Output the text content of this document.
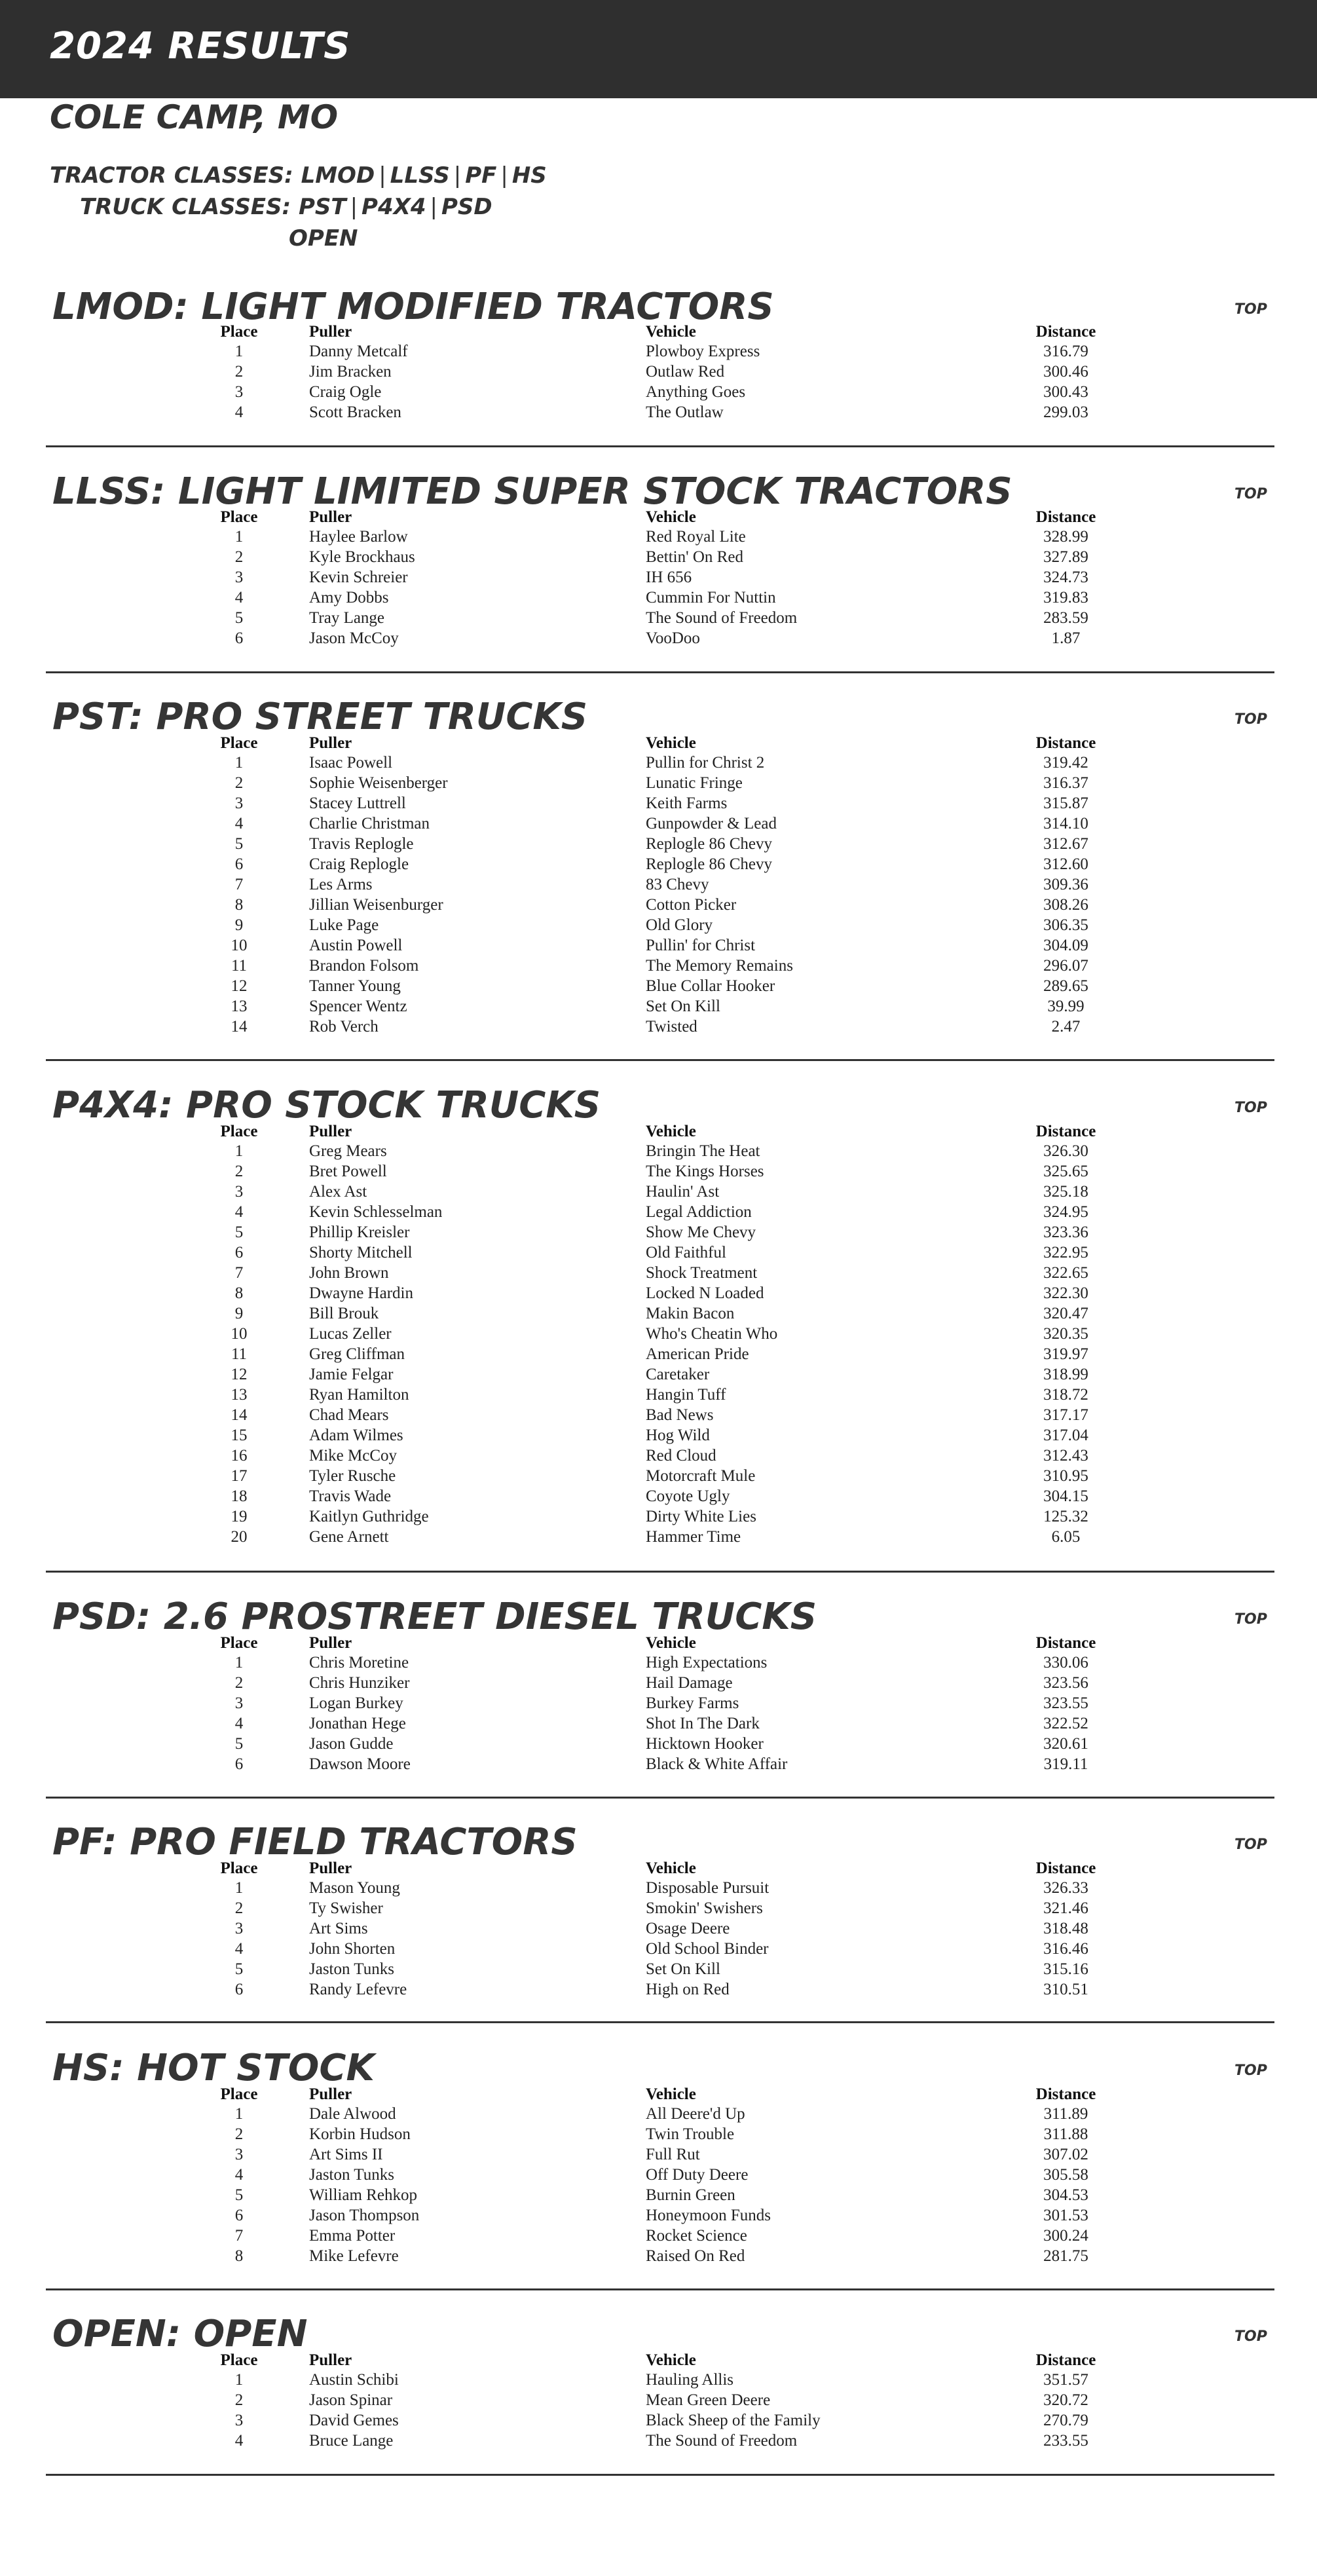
2024 RESULTS
COLE CAMP, MO
TRACTOR CLASSES: LMOD | LLSS | PF | HS
TRUCK CLASSES: PST | P4X4 | PSD
OPEN
LMOD: LIGHT MODIFIED TRACTORS	TOP
Place	Puller	Vehicle	Distance
1	Danny Metcalf	Plowboy Express	316.79
2	Jim Bracken	Outlaw Red	300.46
3	Craig Ogle	Anything Goes	300.43
4	Scott Bracken	The Outlaw	299.03
LLSS: LIGHT LIMITED SUPER STOCK TRACTORS	TOP
Place	Puller	Vehicle	Distance
1	Haylee Barlow	Red Royal Lite	328.99
2	Kyle Brockhaus	Bettin' On Red	327.89
3	Kevin Schreier	IH 656	324.73
4	Amy Dobbs	Cummin For Nuttin	319.83
5	Tray Lange	The Sound of Freedom	283.59
6	Jason McCoy	VooDoo	1.87
PST: PRO STREET TRUCKS	TOP
Place	Puller	Vehicle	Distance
1	Isaac Powell	Pullin for Christ 2	319.42
2	Sophie Weisenberger	Lunatic Fringe	316.37
3	Stacey Luttrell	Keith Farms	315.87
4	Charlie Christman	Gunpowder & Lead	314.10
5	Travis Replogle	Replogle 86 Chevy	312.67
6	Craig Replogle	Replogle 86 Chevy	312.60
7	Les Arms	83 Chevy	309.36
8	Jillian Weisenburger	Cotton Picker	308.26
9	Luke Page	Old Glory	306.35
10	Austin Powell	Pullin' for Christ	304.09
11	Brandon Folsom	The Memory Remains	296.07
12	Tanner Young	Blue Collar Hooker	289.65
13	Spencer Wentz	Set On Kill	39.99
14	Rob Verch	Twisted	2.47
P4X4: PRO STOCK TRUCKS	TOP
Place	Puller	Vehicle	Distance
1	Greg Mears	Bringin The Heat	326.30
2	Bret Powell	The Kings Horses	325.65
3	Alex Ast	Haulin' Ast	325.18
4	Kevin Schlesselman	Legal Addiction	324.95
5	Phillip Kreisler	Show Me Chevy	323.36
6	Shorty Mitchell	Old Faithful	322.95
7	John Brown	Shock Treatment	322.65
8	Dwayne Hardin	Locked N Loaded	322.30
9	Bill Brouk	Makin Bacon	320.47
10	Lucas Zeller	Who's Cheatin Who	320.35
11	Greg Cliffman	American Pride	319.97
12	Jamie Felgar	Caretaker	318.99
13	Ryan Hamilton	Hangin Tuff	318.72
14	Chad Mears	Bad News	317.17
15	Adam Wilmes	Hog Wild	317.04
16	Mike McCoy	Red Cloud	312.43
17	Tyler Rusche	Motorcraft Mule	310.95
18	Travis Wade	Coyote Ugly	304.15
19	Kaitlyn Guthridge	Dirty White Lies	125.32
20	Gene Arnett	Hammer Time	6.05
PSD: 2.6 PROSTREET DIESEL TRUCKS	TOP
Place	Puller	Vehicle	Distance
1	Chris Moretine	High Expectations	330.06
2	Chris Hunziker	Hail Damage	323.56
3	Logan Burkey	Burkey Farms	323.55
4	Jonathan Hege	Shot In The Dark	322.52
5	Jason Gudde	Hicktown Hooker	320.61
6	Dawson Moore	Black & White Affair	319.11
PF: PRO FIELD TRACTORS	TOP
Place	Puller	Vehicle	Distance
1	Mason Young	Disposable Pursuit	326.33
2	Ty Swisher	Smokin' Swishers	321.46
3	Art Sims	Osage Deere	318.48
4	John Shorten	Old School Binder	316.46
5	Jaston Tunks	Set On Kill	315.16
6	Randy Lefevre	High on Red	310.51
HS: HOT STOCK	TOP
Place	Puller	Vehicle	Distance
1	Dale Alwood	All Deere'd Up	311.89
2	Korbin Hudson	Twin Trouble	311.88
3	Art Sims II	Full Rut	307.02
4	Jaston Tunks	Off Duty Deere	305.58
5	William Rehkop	Burnin Green	304.53
6	Jason Thompson	Honeymoon Funds	301.53
7	Emma Potter	Rocket Science	300.24
8	Mike Lefevre	Raised On Red	281.75
OPEN: OPEN	TOP
Place	Puller	Vehicle	Distance
1	Austin Schibi	Hauling Allis	351.57
2	Jason Spinar	Mean Green Deere	320.72
3	David Gemes	Black Sheep of the Family	270.79
4	Bruce Lange	The Sound of Freedom	233.55
